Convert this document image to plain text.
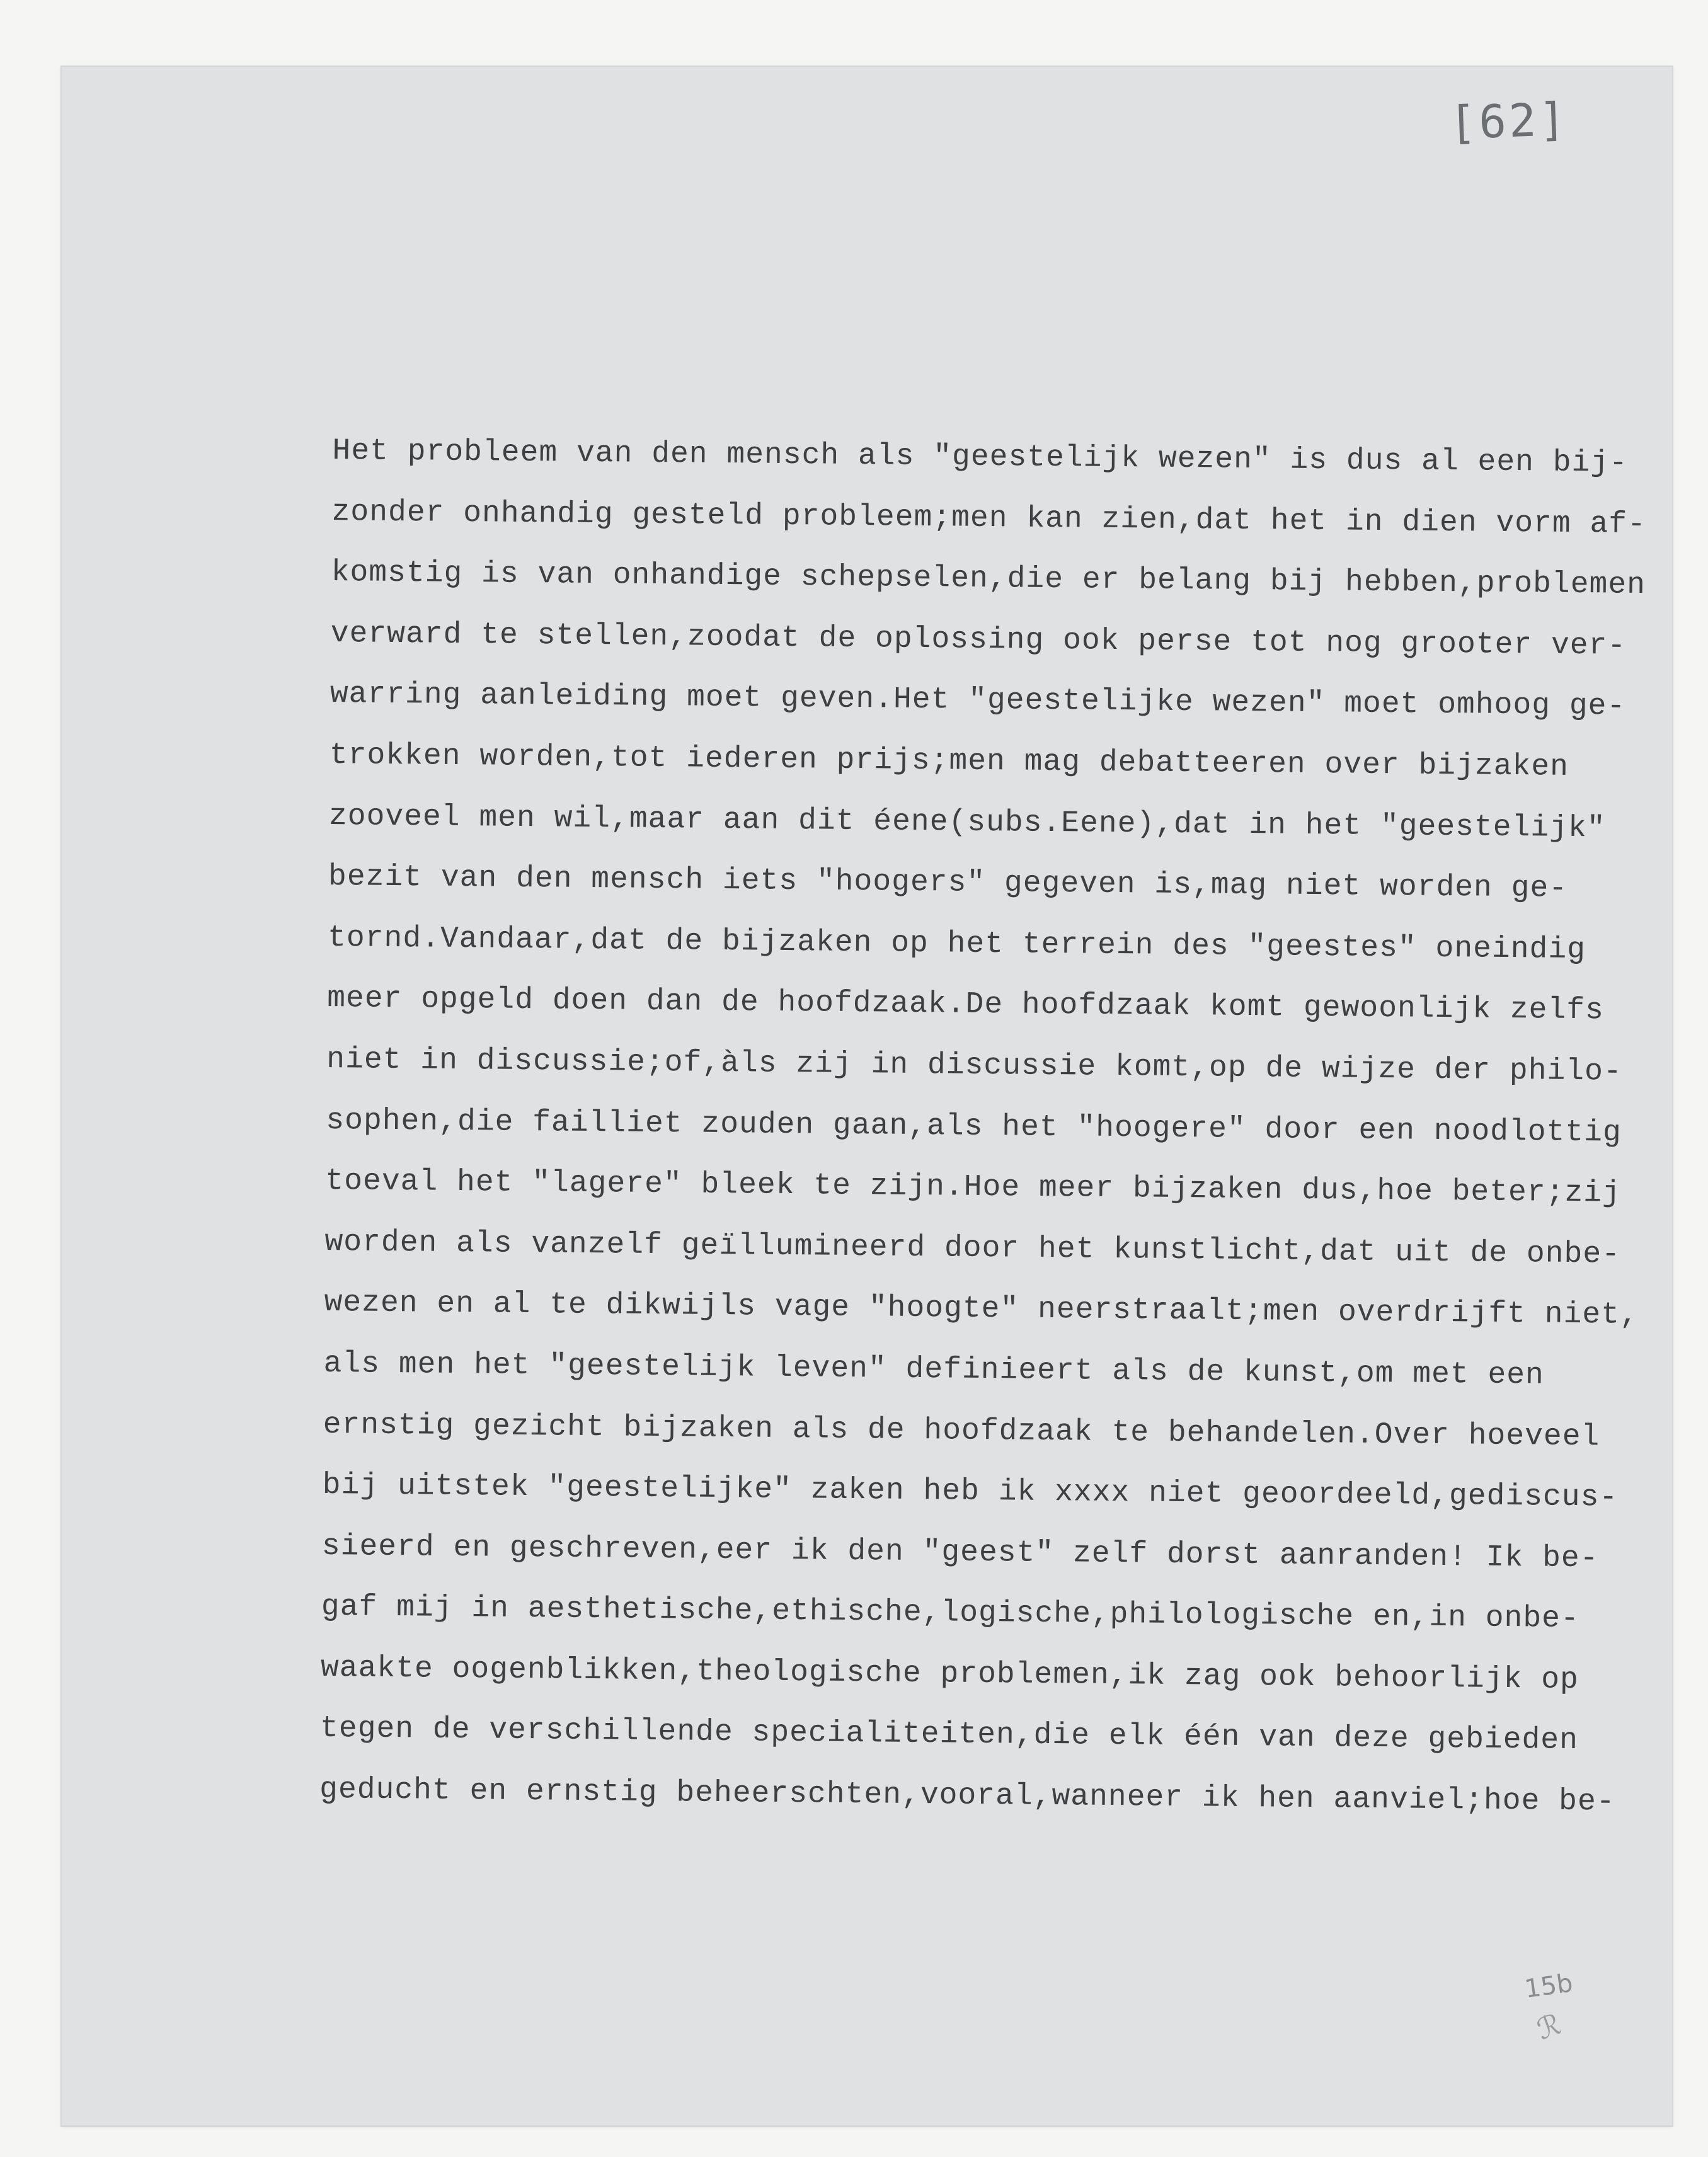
[62]
Het probleem van den mensch als "geestelijk wezen" is dus al een bij-
zonder onhandig gesteld probleem;men kan zien,dat het in dien vorm af-
komstig is van onhandige schepselen,die er belang bij hebben,problemen
verward te stellen,zoodat de oplossing ook perse tot nog grooter ver-
warring aanleiding moet geven.Het "geestelijke wezen" moet omhoog ge-
trokken worden,tot iederen prijs;men mag debatteeren over bijzaken
zooveel men wil,maar aan dit éene(subs.Eene),dat in het "geestelijk"
bezit van den mensch iets "hoogers" gegeven is,mag niet worden ge-
tornd.Vandaar,dat de bijzaken op het terrein des "geestes" oneindig
meer opgeld doen dan de hoofdzaak.De hoofdzaak komt gewoonlijk zelfs
niet in discussie;of,àls zij in discussie komt,op de wijze der philo-
sophen,die failliet zouden gaan,als het "hoogere" door een noodlottig
toeval het "lagere" bleek te zijn.Hoe meer bijzaken dus,hoe beter;zij
worden als vanzelf geïllumineerd door het kunstlicht,dat uit de onbe-
wezen en al te dikwijls vage "hoogte" neerstraalt;men overdrijft niet,
als men het "geestelijk leven" definieert als de kunst,om met een
ernstig gezicht bijzaken als de hoofdzaak te behandelen.Over hoeveel
bij uitstek "geestelijke" zaken heb ik xxxx niet geoordeeld,gediscus-
sieerd en geschreven,eer ik den "geest" zelf dorst aanranden! Ik be-
gaf mij in aesthetische,ethische,logische,philologische en,in onbe-
waakte oogenblikken,theologische problemen,ik zag ook behoorlijk op
tegen de verschillende specialiteiten,die elk één van deze gebieden
geducht en ernstig beheerschten,vooral,wanneer ik hen aanviel;hoe be-
15b
ℛ
